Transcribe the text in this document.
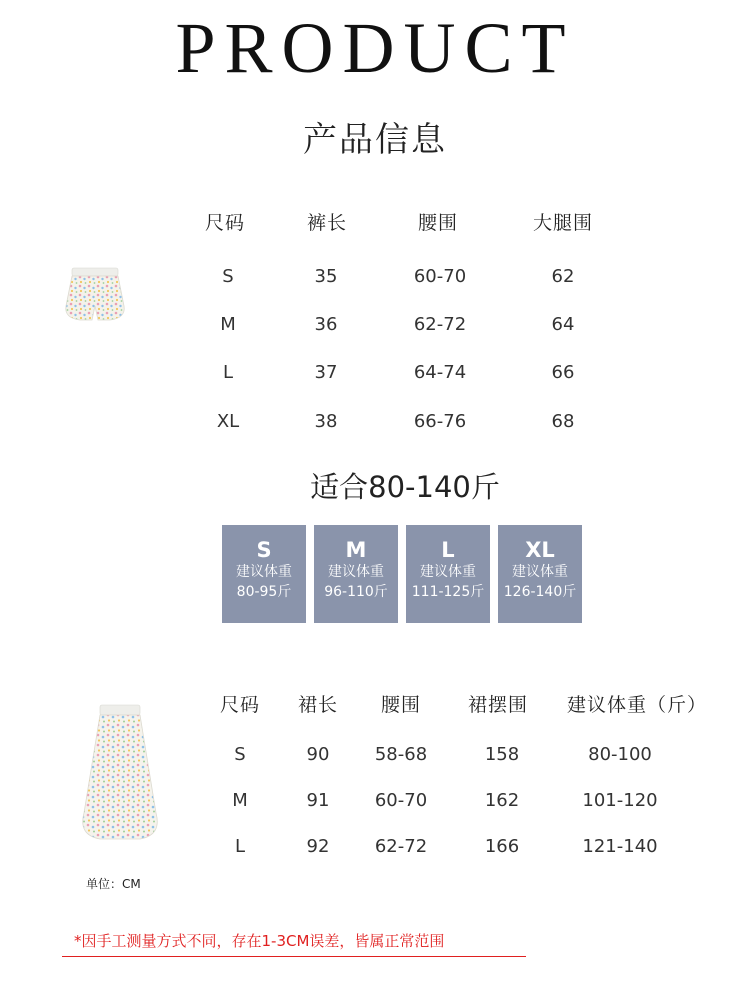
PRODUCT
产品信息
尺码	裤长	腰围	大腿围
S	35	60-70	62
M	36	62-72	64
L	37	64-74	66
XL	38	66-76	68
适合80-140斤
S
建议体重
80-95斤
M
建议体重
96-110斤
L
建议体重
111-125斤
XL
建议体重
126-140斤
尺码 裙长 腰围 裙摆围 建议体重（斤）
S	90	58-68	158	80-100
M	91	60-70	162	101-120
L	92	62-72	166	121-140
单位：CM
*因手工测量方式不同，存在1-3CM误差，皆属正常范围
